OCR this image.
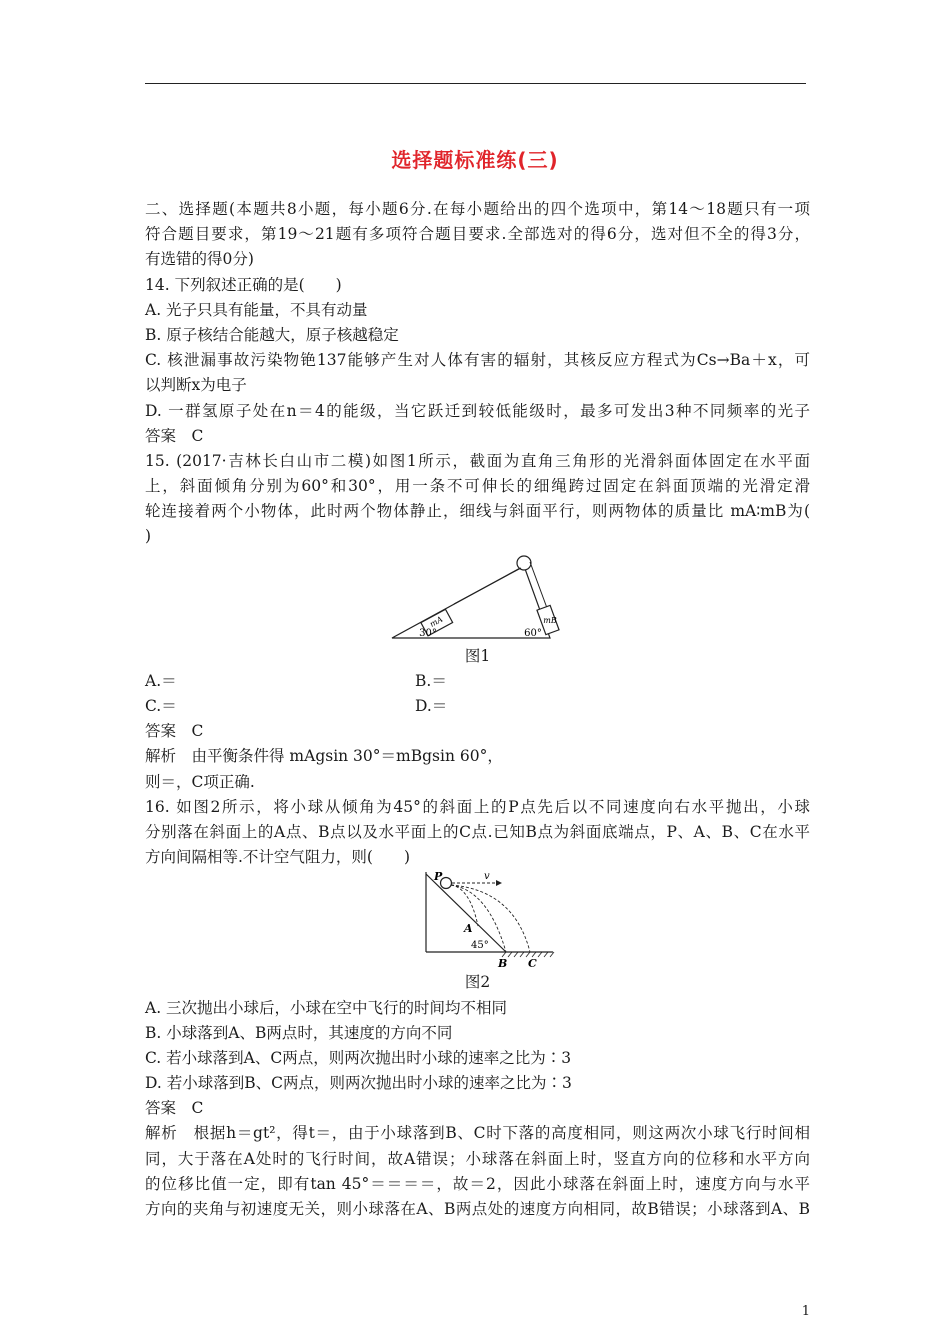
选择题标准练(三)
二、选择题(本题共8小题，每小题6分.在每小题给出的四个选项中，第14～18题只有一项
符合题目要求，第19～21题有多项符合题目要求.全部选对的得6分，选对但不全的得3分，
有选错的得0分)
14. 下列叙述正确的是(　　)
A. 光子只具有能量，不具有动量
B. 原子核结合能越大，原子核越稳定
C. 核泄漏事故污染物铯137能够产生对人体有害的辐射，其核反应方程式为Cs→Ba＋x，可
以判断x为电子
D. 一群氢原子处在n＝4的能级，当它跃迁到较低能级时，最多可发出3种不同频率的光子
答案　C
15. (2017·吉林长白山市二模)如图1所示，截面为直角三角形的光滑斜面体固定在水平面
上，斜面倾角分别为60°和30°，用一条不可伸长的细绳跨过固定在斜面顶端的光滑定滑
轮连接着两个小物体，此时两个物体静止，细线与斜面平行，则两物体的质量比 mA∶mB为(
)
mA	mB
30°	60°
图1
A.＝	B.＝
C.＝	D.＝
答案　C
解析　由平衡条件得 mAgsin 30°＝mBgsin 60°，
则＝，C项正确.
16. 如图2所示，将小球从倾角为45°的斜面上的P点先后以不同速度向右水平抛出，小球
分别落在斜面上的A点、B点以及水平面上的C点.已知B点为斜面底端点，P、A、B、C在水平
方向间隔相等.不计空气阻力，则(　　)
P	v
A
45°
B C
图2
A. 三次抛出小球后，小球在空中飞行的时间均不相同
B. 小球落到A、B两点时，其速度的方向不同
C. 若小球落到A、C两点，则两次抛出时小球的速率之比为∶3
D. 若小球落到B、C两点，则两次抛出时小球的速率之比为∶3
答案　C
解析　根据h＝gt²，得t＝，由于小球落到B、C时下落的高度相同，则这两次小球飞行时间相
同，大于落在A处时的飞行时间，故A错误；小球落在斜面上时，竖直方向的位移和水平方向
的位移比值一定，即有tan 45°＝＝＝＝，故＝2，因此小球落在斜面上时，速度方向与水平
方向的夹角与初速度无关，则小球落在A、B两点处的速度方向相同，故B错误；小球落到A、B
1
